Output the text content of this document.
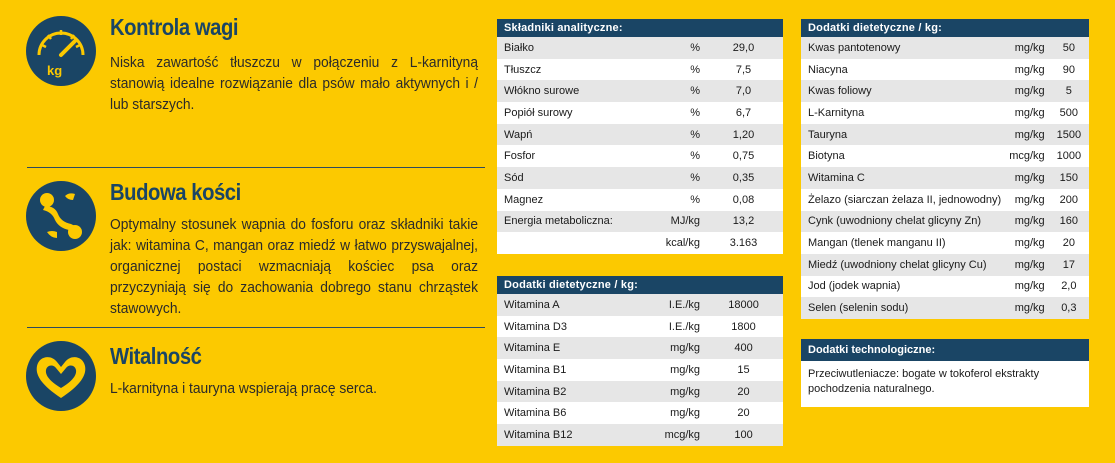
kg
Kontrola wagi
Niska zawartość tłuszczu w połączeniu z L-karnityną stanowią idealne rozwiązanie dla psów mało aktywnych i / lub starszych.
Budowa kości
Optymalny stosunek wapnia do fosforu oraz składniki takie jak: witamina C, mangan oraz miedź w łatwo przyswajalnej, organicznej postaci wzmacniają kościec psa oraz przyczyniają się do zachowania dobrego stanu chrząstek stawowych.
Witalność
L-karnityna i tauryna wspierają pracę serca.
Składniki analityczne:		
Białko	%	29,0
Tłuszcz	%	7,5
Włókno surowe	%	7,0
Popiół surowy	%	6,7
Wapń	%	1,20
Fosfor	%	0,75
Sód	%	0,35
Magnez	%	0,08
Energia metaboliczna:	MJ/kg	13,2
	kcal/kg	3.163
Dodatki dietetyczne / kg:		
Witamina A	I.E./kg	18000
Witamina D3	I.E./kg	1800
Witamina E	mg/kg	400
Witamina B1	mg/kg	15
Witamina B2	mg/kg	20
Witamina B6	mg/kg	20
Witamina B12	mcg/kg	100
Dodatki dietetyczne / kg:		
Kwas pantotenowy	mg/kg	50
Niacyna	mg/kg	90
Kwas foliowy	mg/kg	5
L-Karnityna	mg/kg	500
Tauryna	mg/kg	1500
Biotyna	mcg/kg	1000
Witamina C	mg/kg	150
Żelazo (siarczan żelaza II, jednowodny)	mg/kg	200
Cynk (uwodniony chelat glicyny Zn)	mg/kg	160
Mangan (tlenek manganu II)	mg/kg	20
Miedź (uwodniony chelat glicyny Cu)	mg/kg	17
Jod (jodek wapnia)	mg/kg	2,0
Selen (selenin sodu)	mg/kg	0,3
Dodatki technologiczne:
Przeciwutleniacze: bogate w tokoferol ekstrakty pochodzenia naturalnego.
